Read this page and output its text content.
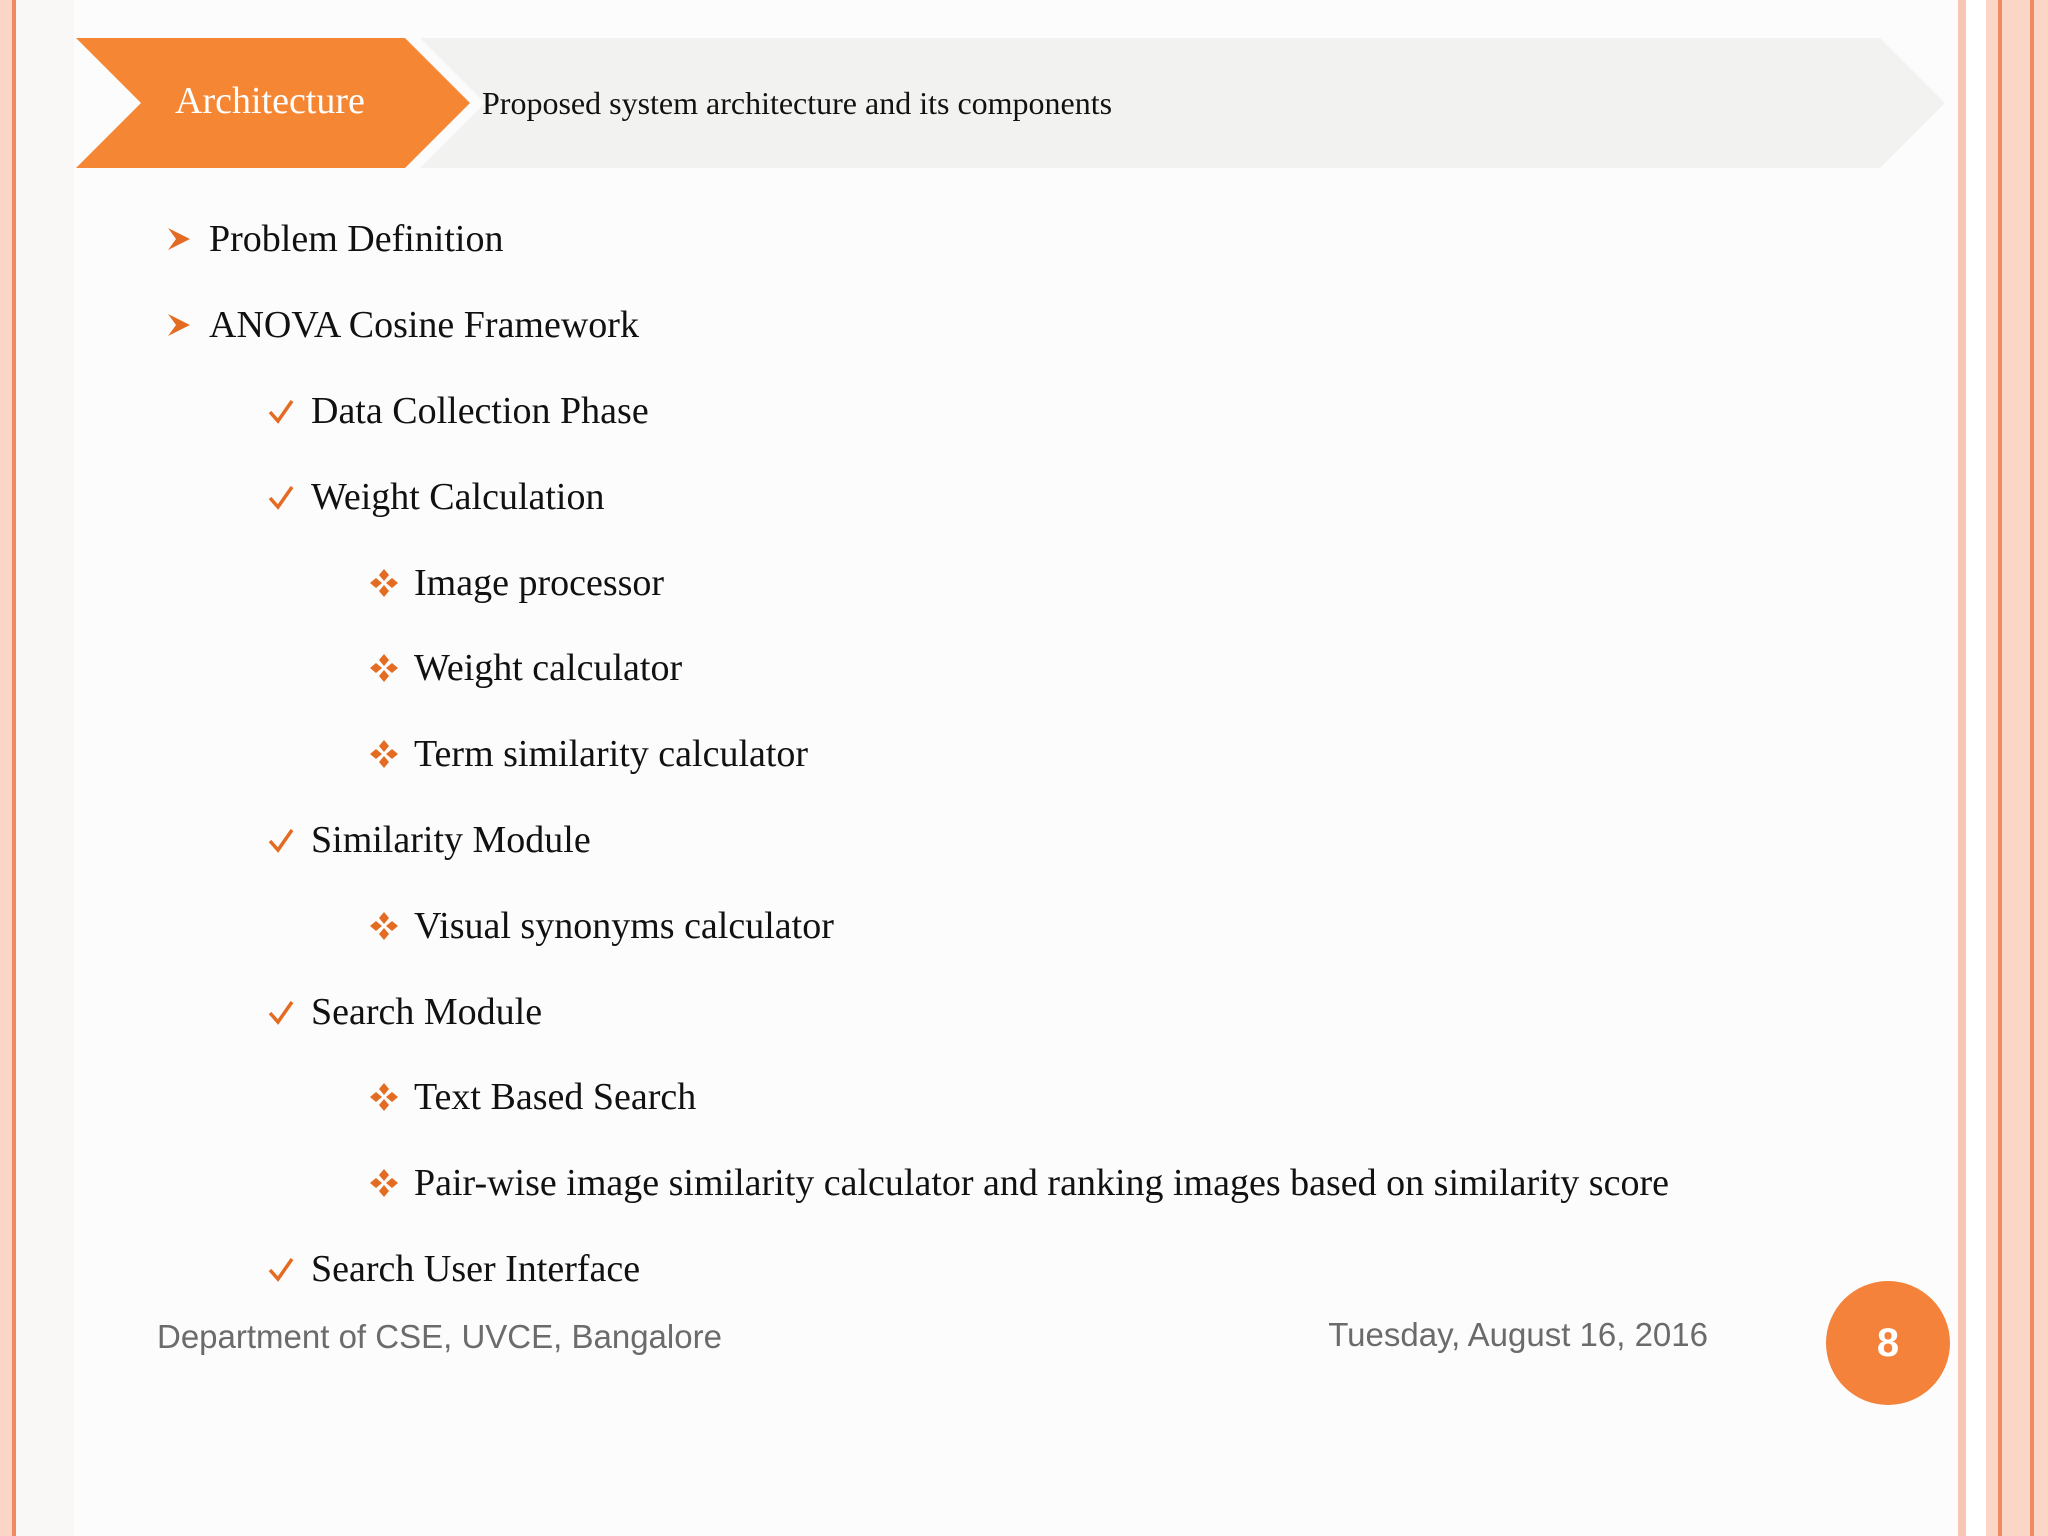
Architecture	Proposed system architecture and its components
Problem Definition
ANOVA Cosine Framework
Data Collection Phase
Weight Calculation
Image processor
Weight calculator
Term similarity calculator
Similarity Module
Visual synonyms calculator
Search Module
Text Based Search
Pair-wise image similarity calculator and ranking images based on similarity score
Search User Interface
Department of CSE, UVCE, Bangalore	Tuesday, August 16, 2016	8
